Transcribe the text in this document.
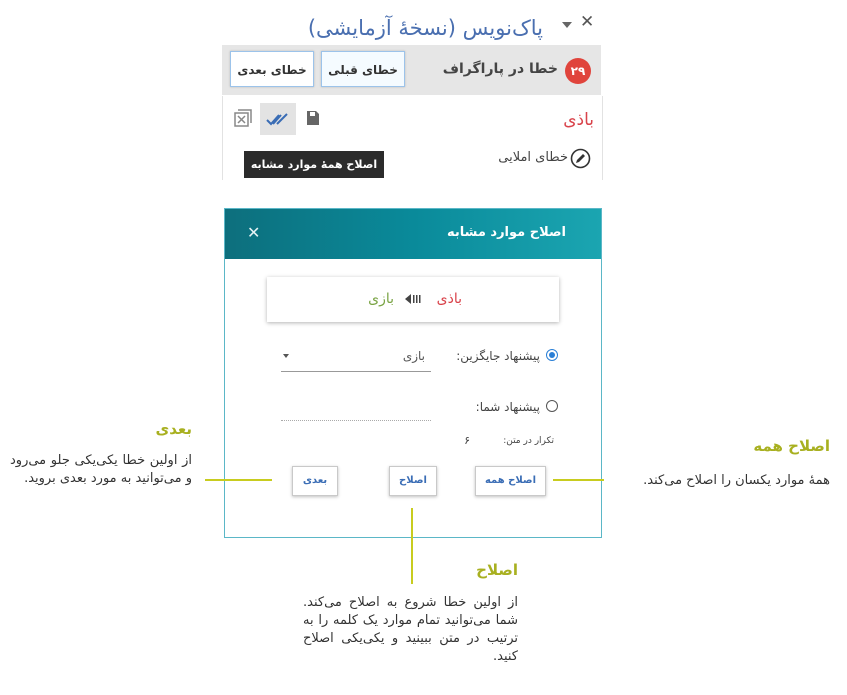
پاک‌نویس (نسخهٔ آزمایشی) ✕
۲۹
خطا در پاراگراف
خطای قبلی
خطای بعدی
باذی
خطای املایی
اصلاح همهٔ موارد مشابه
اصلاح موارد مشابه
✕
باذی
بازی
پیشنهاد جایگزین:
بازی
پیشنهاد شما:
تکرار در متن:
۶
اصلاح همه
اصلاح
بعدی
بعدی
از اولین خطا یکی‌یکی جلو می‌رود و می‌توانید به مورد بعدی بروید.
اصلاح همه
همهٔ موارد یکسان را اصلاح می‌کند.
اصلاح
از اولین خطا شروع به اصلاح می‌کند. شما می‌توانید تمام موارد یک کلمه را به ترتیب در متن ببینید و یکی‌یکی اصلاح کنید.
